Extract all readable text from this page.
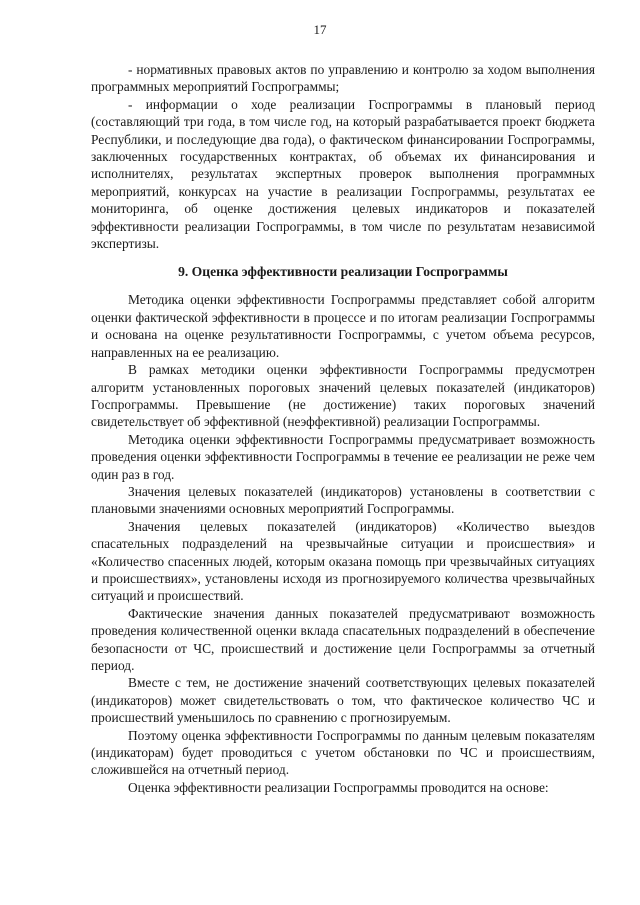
17

- нормативных правовых актов по управлению и контролю за ходом выполнения программных мероприятий Госпрограммы;

- информации о ходе реализации Госпрограммы в плановый период (составляющий три года, в том числе год, на который разрабатывается проект бюджета Республики, и последующие два года), о фактическом финансировании Госпрограммы, заключенных государственных контрактах, об объемах их финансирования и исполнителях, результатах экспертных проверок выполнения программных мероприятий, конкурсах на участие в реализации Госпрограммы, результатах ее мониторинга, об оценке достижения целевых индикаторов и показателей эффективности реализации Госпрограммы, в том числе по результатам независимой экспертизы.

9. Оценка эффективности реализации Госпрограммы

Методика оценки эффективности Госпрограммы представляет собой алгоритм оценки фактической эффективности в процессе и по итогам реализации Госпрограммы и основана на оценке результативности Госпрограммы, с учетом объема ресурсов, направленных на ее реализацию.

В рамках методики оценки эффективности Госпрограммы предусмотрен алгоритм установленных пороговых значений целевых показателей (индикаторов) Госпрограммы. Превышение (не достижение) таких пороговых значений свидетельствует об эффективной (неэффективной) реализации Госпрограммы.

Методика оценки эффективности Госпрограммы предусматривает возможность проведения оценки эффективности Госпрограммы в течение ее реализации не реже чем один раз в год.

Значения целевых показателей (индикаторов) установлены в соответствии с плановыми значениями основных мероприятий Госпрограммы.

Значения целевых показателей (индикаторов) «Количество выездов спасательных подразделений на чрезвычайные ситуации и происшествия» и «Количество спасенных людей, которым оказана помощь при чрезвычайных ситуациях и происшествиях», установлены исходя из прогнозируемого количества чрезвычайных ситуаций и происшествий.

Фактические значения данных показателей предусматривают возможность проведения количественной оценки вклада спасательных подразделений в обеспечение безопасности от ЧС, происшествий и достижение цели Госпрограммы за отчетный период.

Вместе с тем, не достижение значений соответствующих целевых показателей (индикаторов) может свидетельствовать о том, что фактическое количество ЧС и происшествий уменьшилось по сравнению с прогнозируемым.

Поэтому оценка эффективности Госпрограммы по данным целевым показателям (индикаторам) будет проводиться с учетом обстановки по ЧС и происшествиям, сложившейся на отчетный период.

Оценка эффективности реализации Госпрограммы проводится на основе:
